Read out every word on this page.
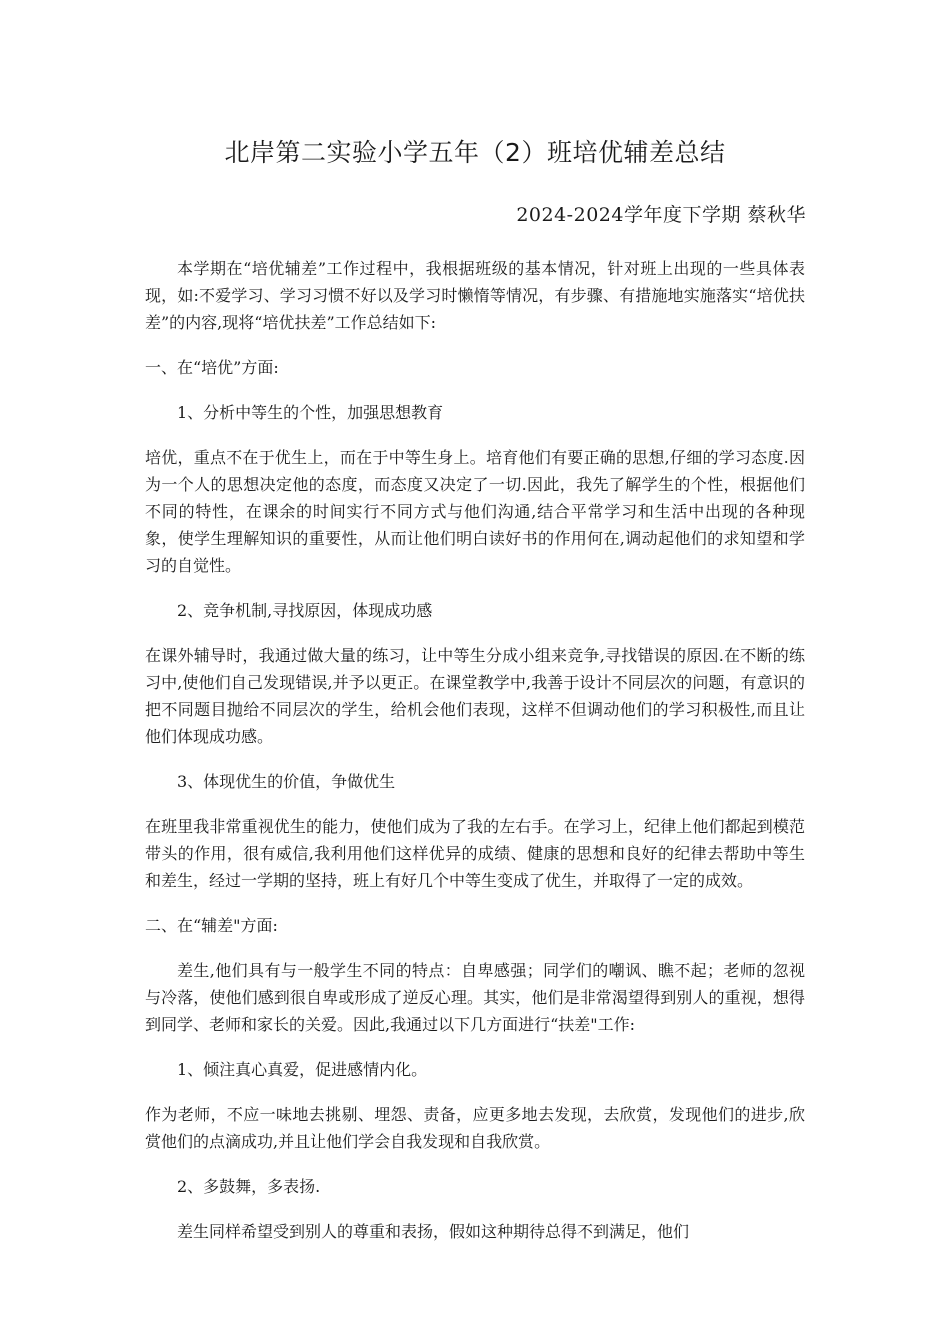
北岸第二实验小学五年（2）班培优辅差总结
2024-2024学年度下学期 蔡秋华

本学期在“培优辅差”工作过程中，我根据班级的基本情况，针对班上出现的一些具体表现，如:不爱学习、学习习惯不好以及学习时懒惰等情况，有步骤、有措施地实施落实“培优扶差”的内容,现将“培优扶差”工作总结如下:

一、在“培优”方面:

1、分析中等生的个性，加强思想教育

培优，重点不在于优生上，而在于中等生身上。培育他们有要正确的思想,仔细的学习态度.因为一个人的思想决定他的态度，而态度又决定了一切.因此，我先了解学生的个性，根据他们不同的特性，在课余的时间实行不同方式与他们沟通,结合平常学习和生活中出现的各种现象，使学生理解知识的重要性，从而让他们明白读好书的作用何在,调动起他们的求知望和学习的自觉性。

2、竞争机制,寻找原因，体现成功感

在课外辅导时，我通过做大量的练习，让中等生分成小组来竞争,寻找错误的原因.在不断的练习中,使他们自己发现错误,并予以更正。在课堂教学中,我善于设计不同层次的问题，有意识的把不同题目抛给不同层次的学生，给机会他们表现，这样不但调动他们的学习积极性,而且让他们体现成功感。

3、体现优生的价值，争做优生

在班里我非常重视优生的能力，使他们成为了我的左右手。在学习上，纪律上他们都起到模范带头的作用，很有威信,我利用他们这样优异的成绩、健康的思想和良好的纪律去帮助中等生和差生，经过一学期的坚持，班上有好几个中等生变成了优生，并取得了一定的成效。

二、在“辅差"方面:

差生,他们具有与一般学生不同的特点：自卑感强；同学们的嘲讽、瞧不起；老师的忽视与冷落，使他们感到很自卑或形成了逆反心理。其实，他们是非常渴望得到别人的重视，想得到同学、老师和家长的关爱。因此,我通过以下几方面进行“扶差"工作:

1、倾注真心真爱，促进感情内化。

作为老师，不应一味地去挑剔、埋怨、责备，应更多地去发现，去欣赏，发现他们的进步,欣赏他们的点滴成功,并且让他们学会自我发现和自我欣赏。

2、多鼓舞，多表扬.

差生同样希望受到别人的尊重和表扬，假如这种期待总得不到满足，他们
